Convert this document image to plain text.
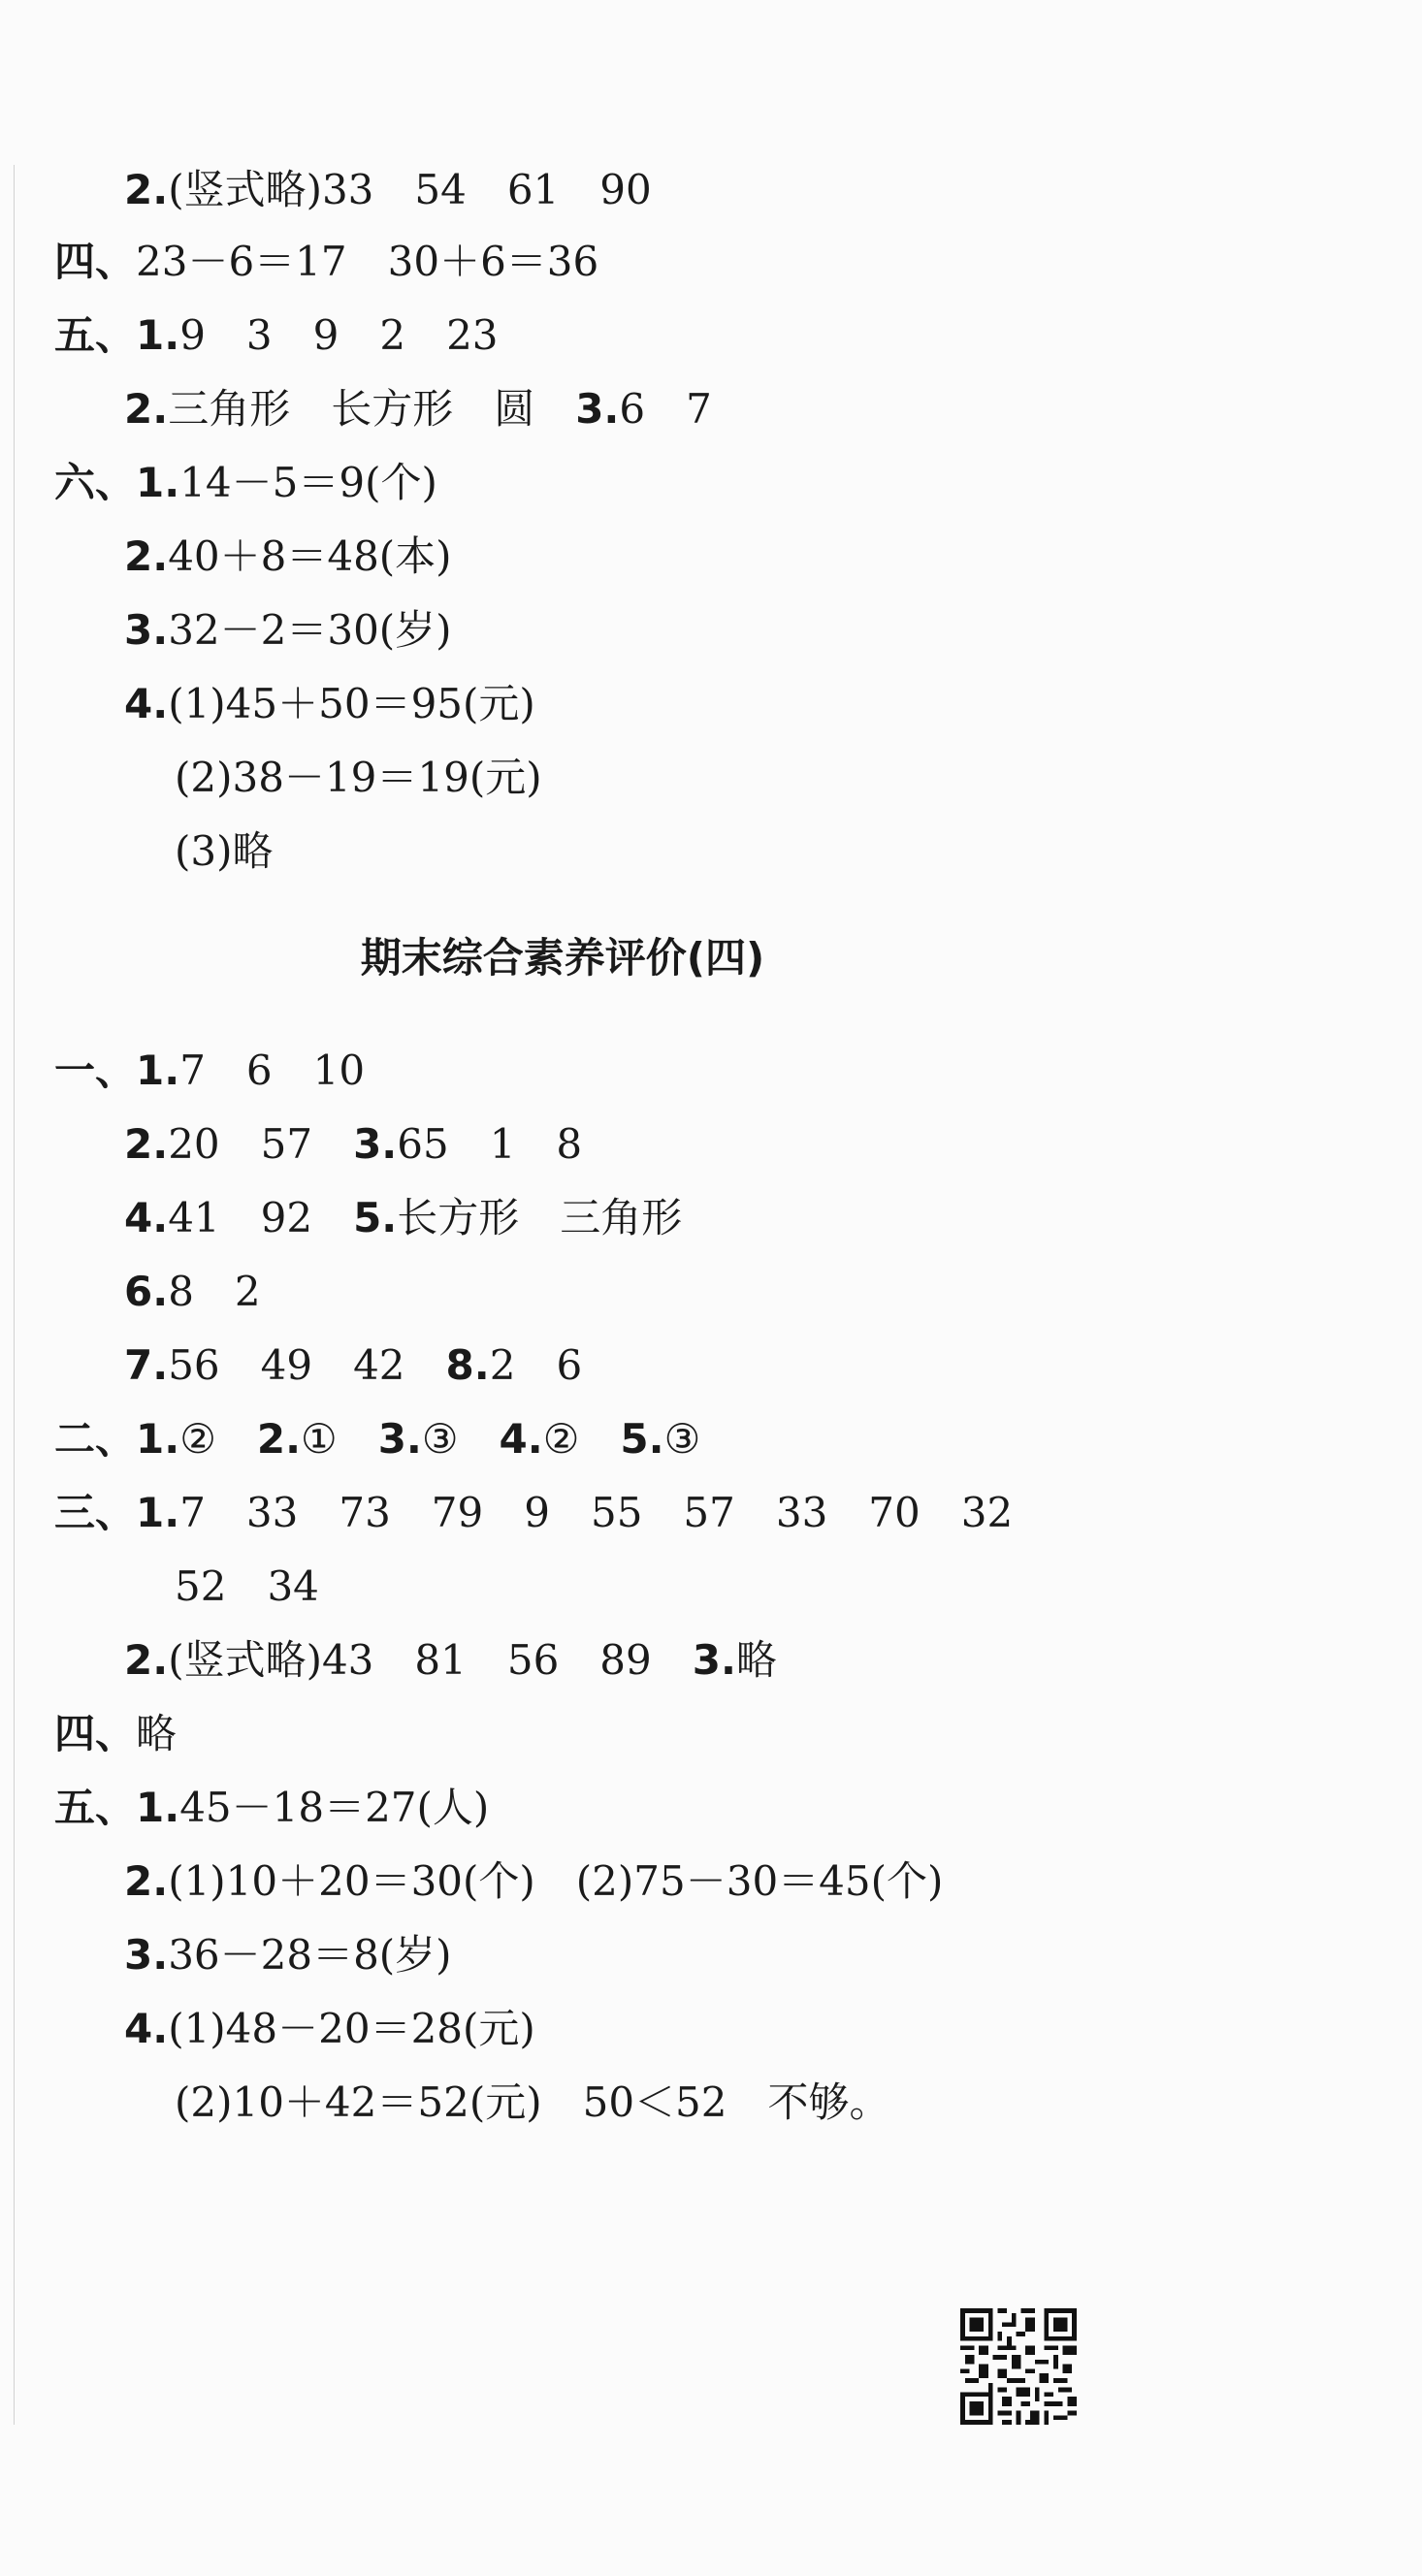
2.(竖式略)33　54　61　90
四、23－6＝17　30＋6＝36
五、1.9　3　9　2　23
2.三角形　长方形　圆　3.6　7
六、1.14－5＝9(个)
2.40＋8＝48(本)
3.32－2＝30(岁)
4.(1)45＋50＝95(元)
(2)38－19＝19(元)
(3)略
期末综合素养评价(四)
一、1.7　6　10
2.20　57　3.65　1　8
4.41　92　5.长方形　三角形
6.8　2
7.56　49　42　8.2　6
二、1.②　2.①　3.③　4.②　5.③
三、1.7　33　73　79　9　55　57　33　70　32
52　34
2.(竖式略)43　81　56　89　3.略
四、略
五、1.45－18＝27(人)
2.(1)10＋20＝30(个)　(2)75－30＝45(个)
3.36－28＝8(岁)
4.(1)48－20＝28(元)
(2)10＋42＝52(元)　50＜52　不够。
